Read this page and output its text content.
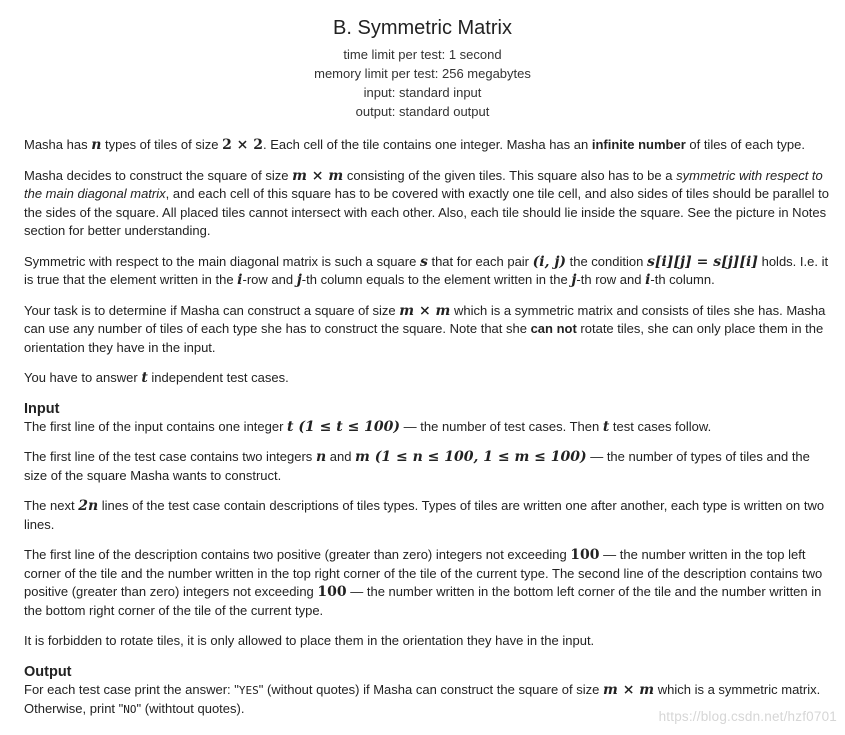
B. Symmetric Matrix
time limit per test: 1 second
memory limit per test: 256 megabytes
input: standard input
output: standard output

Masha has n types of tiles of size 2 × 2. Each cell of the tile contains one integer. Masha has an infinite number of tiles of each type.

Masha decides to construct the square of size m × m consisting of the given tiles. This square also has to be a symmetric with respect to the main diagonal matrix, and each cell of this square has to be covered with exactly one tile cell, and also sides of tiles should be parallel to the sides of the square. All placed tiles cannot intersect with each other. Also, each tile should lie inside the square. See the picture in Notes section for better understanding.

Symmetric with respect to the main diagonal matrix is such a square s that for each pair (i, j) the condition s[i][j] = s[j][i] holds. I.e. it is true that the element written in the i-row and j-th column equals to the element written in the j-th row and i-th column.

Your task is to determine if Masha can construct a square of size m × m which is a symmetric matrix and consists of tiles she has. Masha can use any number of tiles of each type she has to construct the square. Note that she can not rotate tiles, she can only place them in the orientation they have in the input.

You have to answer t independent test cases.

Input

The first line of the input contains one integer t (1 ≤ t ≤ 100) — the number of test cases. Then t test cases follow.

The first line of the test case contains two integers n and m (1 ≤ n ≤ 100, 1 ≤ m ≤ 100) — the number of types of tiles and the size of the square Masha wants to construct.

The next 2n lines of the test case contain descriptions of tiles types. Types of tiles are written one after another, each type is written on two lines.

The first line of the description contains two positive (greater than zero) integers not exceeding 100 — the number written in the top left corner of the tile and the number written in the top right corner of the tile of the current type. The second line of the description contains two positive (greater than zero) integers not exceeding 100 — the number written in the bottom left corner of the tile and the number written in the bottom right corner of the tile of the current type.

It is forbidden to rotate tiles, it is only allowed to place them in the orientation they have in the input.

Output

For each test case print the answer: "YES" (without quotes) if Masha can construct the square of size m × m which is a symmetric matrix. Otherwise, print "NO" (withtout quotes).

https://blog.csdn.net/hzf0701
